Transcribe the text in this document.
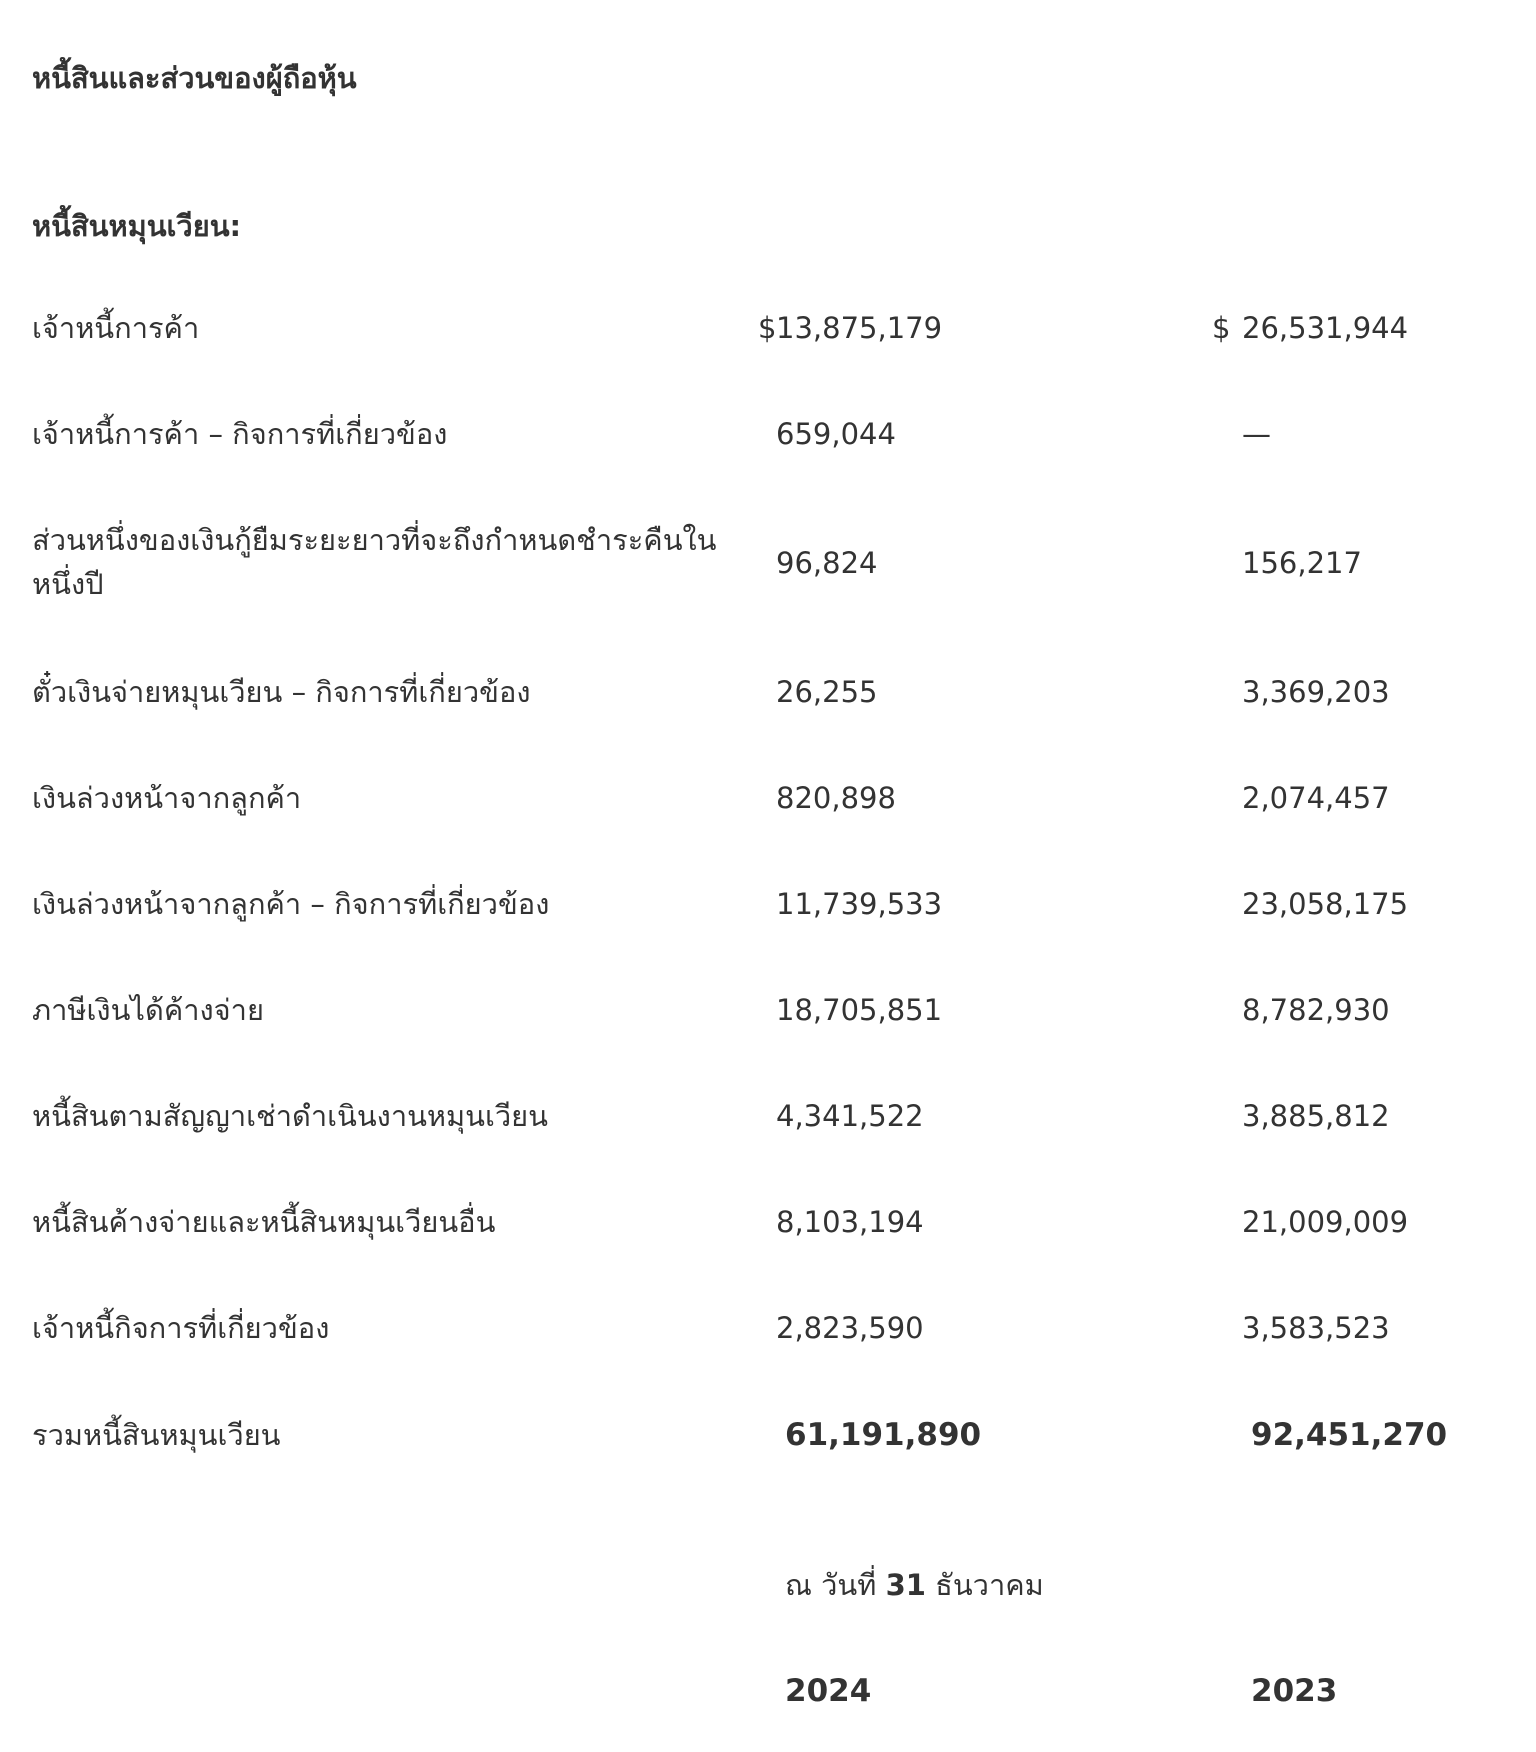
หนี้สินและส่วนของผู้ถือหุ้น
หนี้สินหมุนเวียน:
เจ้าหนี้การค้า	$ 13,875,179	$ 26,531,944
เจ้าหนี้การค้า – กิจการที่เกี่ยวข้อง	659,044	—
ส่วนหนึ่งของเงินกู้ยืมระยะยาวที่จะถึงกำหนดชำระคืนในหนึ่งปี
96,824	156,217
ตั๋วเงินจ่ายหมุนเวียน – กิจการที่เกี่ยวข้อง	26,255	3,369,203
เงินล่วงหน้าจากลูกค้า	820,898	2,074,457
เงินล่วงหน้าจากลูกค้า – กิจการที่เกี่ยวข้อง	11,739,533	23,058,175
ภาษีเงินได้ค้างจ่าย	18,705,851	8,782,930
หนี้สินตามสัญญาเช่าดำเนินงานหมุนเวียน	4,341,522	3,885,812
หนี้สินค้างจ่ายและหนี้สินหมุนเวียนอื่น	8,103,194	21,009,009
เจ้าหนี้กิจการที่เกี่ยวข้อง	2,823,590	3,583,523
รวมหนี้สินหมุนเวียน	61,191,890	92,451,270
ณ วันที่ 31 ธันวาคม
2024	2023
